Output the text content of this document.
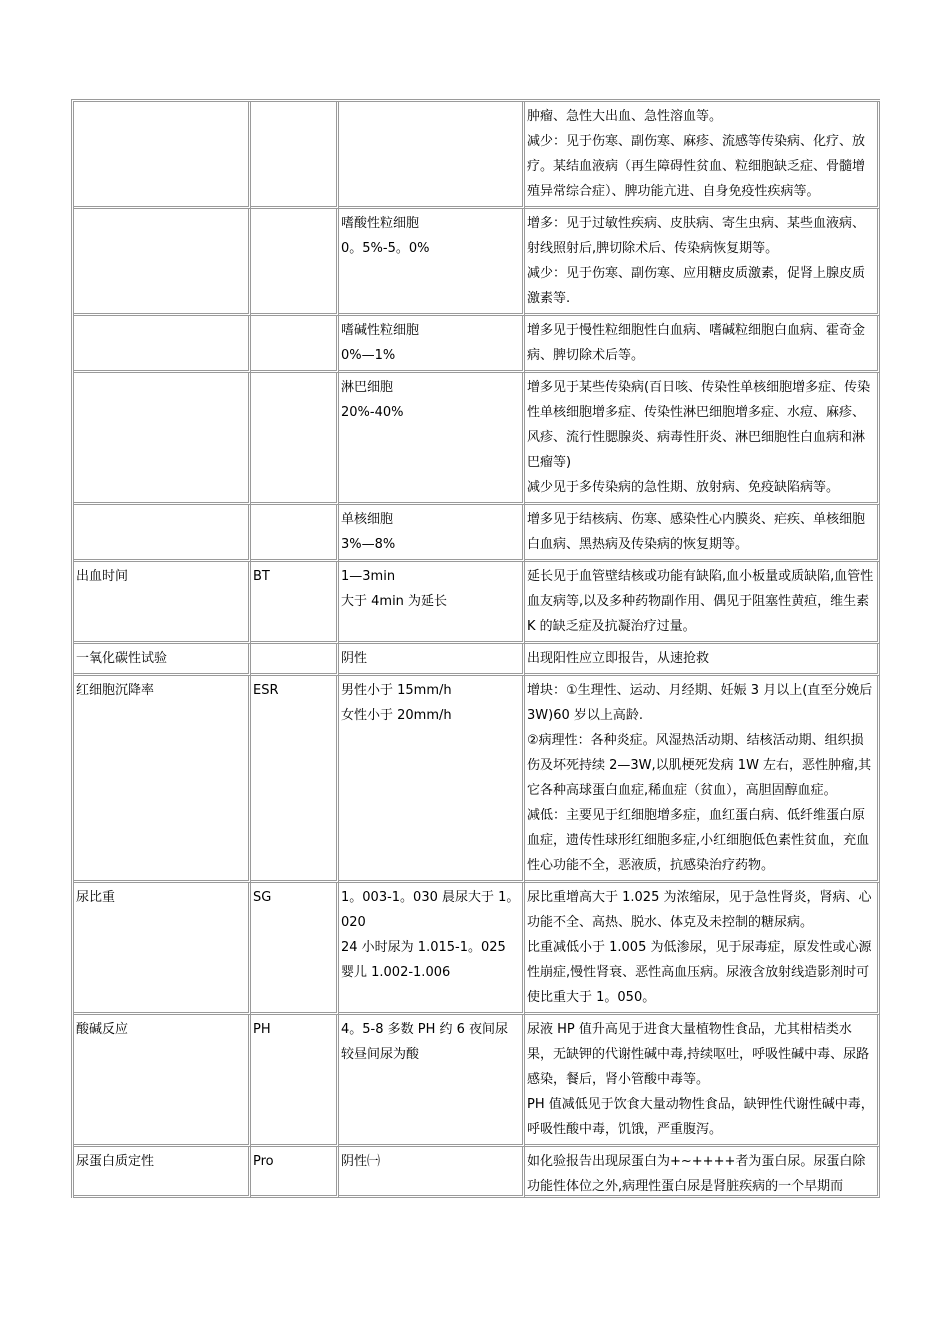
			肿瘤、急性大出血、急性溶血等。
减少：见于伤寒、副伤寒、麻疹、流感等传染病、化疗、放疗。某结血液病（再生障碍性贫血、粒细胞缺乏症、骨髓增殖异常综合症）、脾功能亢进、自身免疫性疾病等。

		嗜酸性粒细胞
0。5%-5。0%	增多：见于过敏性疾病、皮肤病、寄生虫病、某些血液病、射线照射后,脾切除术后、传染病恢复期等。
减少：见于伤寒、副伤寒、应用糖皮质激素，促肾上腺皮质激素等.

		嗜碱性粒细胞
0%—1%	增多见于慢性粒细胞性白血病、嗜碱粒细胞白血病、霍奇金病、脾切除术后等。

		淋巴细胞
20%-40%	增多见于某些传染病(百日咳、传染性单核细胞增多症、传染性单核细胞增多症、传染性淋巴细胞增多症、水痘、麻疹、风疹、流行性腮腺炎、病毒性肝炎、淋巴细胞性白血病和淋巴瘤等)
减少见于多传染病的急性期、放射病、免疫缺陷病等。

		单核细胞
3%—8%	增多见于结核病、伤寒、感染性心内膜炎、疟疾、单核细胞白血病、黑热病及传染病的恢复期等。

出血时间	BT	1—3min
大于 4min 为延长	延长见于血管壁结核或功能有缺陷,血小板量或质缺陷,血管性血友病等,以及多种药物副作用、偶见于阻塞性黄疸，维生素 K 的缺乏症及抗凝治疗过量。

一氧化碳性试验		阴性	出现阳性应立即报告，从速抢救

红细胞沉降率	ESR	男性小于 15mm/h
女性小于 20mm/h	增块：①生理性、运动、月经期、妊娠 3 月以上(直至分娩后 3W)60 岁以上高龄.
②病理性：各种炎症。风湿热活动期、结核活动期、组织损伤及坏死持续 2—3W,以肌梗死发病 1W 左右，恶性肿瘤,其它各种高球蛋白血症,稀血症（贫血），高胆固醇血症。
减低：主要见于红细胞增多症，血红蛋白病、低纤维蛋白原血症，遗传性球形红细胞多症,小红细胞低色素性贫血，充血性心功能不全，恶液质，抗感染治疗药物。

尿比重	SG	1。003-1。030 晨尿大于 1。020
24 小时尿为 1.015-1。025
婴儿 1.002-1.006	尿比重增高大于 1.025 为浓缩尿，见于急性肾炎，肾病、心功能不全、高热、脱水、体克及未控制的糖尿病。
比重减低小于 1.005 为低渗尿，见于尿毒症，原发性或心源性崩症,慢性肾衰、恶性高血压病。尿液含放射线造影剂时可使比重大于 1。050。

酸碱反应	PH	4。5-8 多数 PH 约 6 夜间尿较昼间尿为酸	尿液 HP 值升高见于进食大量植物性食品，尤其柑桔类水果，无缺钾的代谢性碱中毒,持续呕吐，呼吸性碱中毒、尿路感染，餐后，肾小管酸中毒等。
PH 值减低见于饮食大量动物性食品，缺钾性代谢性碱中毒，呼吸性酸中毒，饥饿，严重腹泻。

尿蛋白质定性	Pro	阴性㈠	如化验报告出现尿蛋白为+~++++者为蛋白尿。尿蛋白除功能性体位之外,病理性蛋白尿是肾脏疾病的一个早期而
